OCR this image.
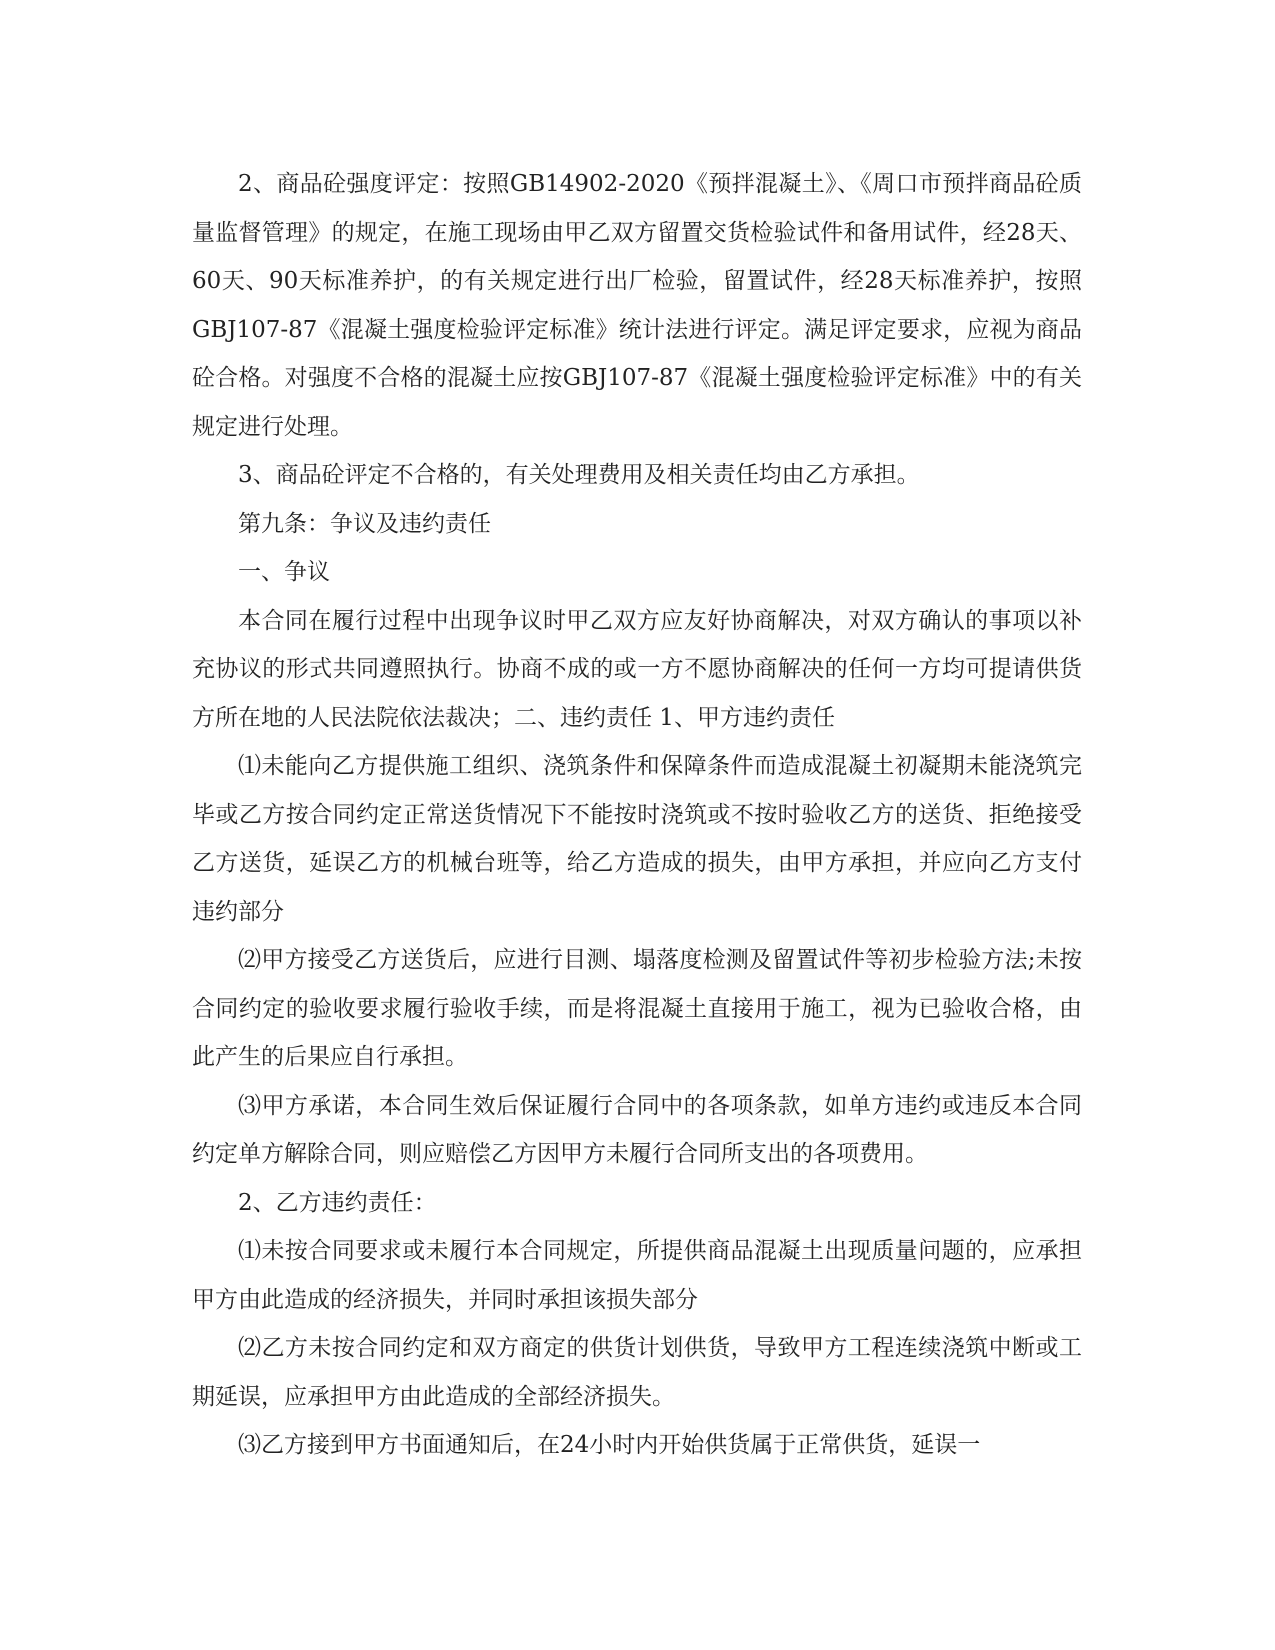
2、商品砼强度评定：按照GB14902-2020《预拌混凝土》、《周口市预拌商品砼质量监督管理》的规定，在施工现场由甲乙双方留置交货检验试件和备用试件，经28天、60天、90天标准养护，的有关规定进行出厂检验，留置试件，经28天标准养护，按照GBJ107-87《混凝土强度检验评定标准》统计法进行评定。满足评定要求，应视为商品砼合格。对强度不合格的混凝土应按GBJ107-87《混凝土强度检验评定标准》中的有关规定进行处理。

3、商品砼评定不合格的，有关处理费用及相关责任均由乙方承担。

第九条：争议及违约责任

一、争议

本合同在履行过程中出现争议时甲乙双方应友好协商解决，对双方确认的事项以补充协议的形式共同遵照执行。协商不成的或一方不愿协商解决的任何一方均可提请供货方所在地的人民法院依法裁决；二、违约责任 1、甲方违约责任

⑴未能向乙方提供施工组织、浇筑条件和保障条件而造成混凝土初凝期未能浇筑完毕或乙方按合同约定正常送货情况下不能按时浇筑或不按时验收乙方的送货、拒绝接受乙方送货，延误乙方的机械台班等，给乙方造成的损失，由甲方承担，并应向乙方支付违约部分

⑵甲方接受乙方送货后，应进行目测、塌落度检测及留置试件等初步检验方法;未按合同约定的验收要求履行验收手续，而是将混凝土直接用于施工，视为已验收合格，由此产生的后果应自行承担。

⑶甲方承诺，本合同生效后保证履行合同中的各项条款，如单方违约或违反本合同约定单方解除合同，则应赔偿乙方因甲方未履行合同所支出的各项费用。

2、乙方违约责任：

⑴未按合同要求或未履行本合同规定，所提供商品混凝土出现质量问题的，应承担甲方由此造成的经济损失，并同时承担该损失部分

⑵乙方未按合同约定和双方商定的供货计划供货，导致甲方工程连续浇筑中断或工期延误，应承担甲方由此造成的全部经济损失。

⑶乙方接到甲方书面通知后，在24小时内开始供货属于正常供货，延误一
